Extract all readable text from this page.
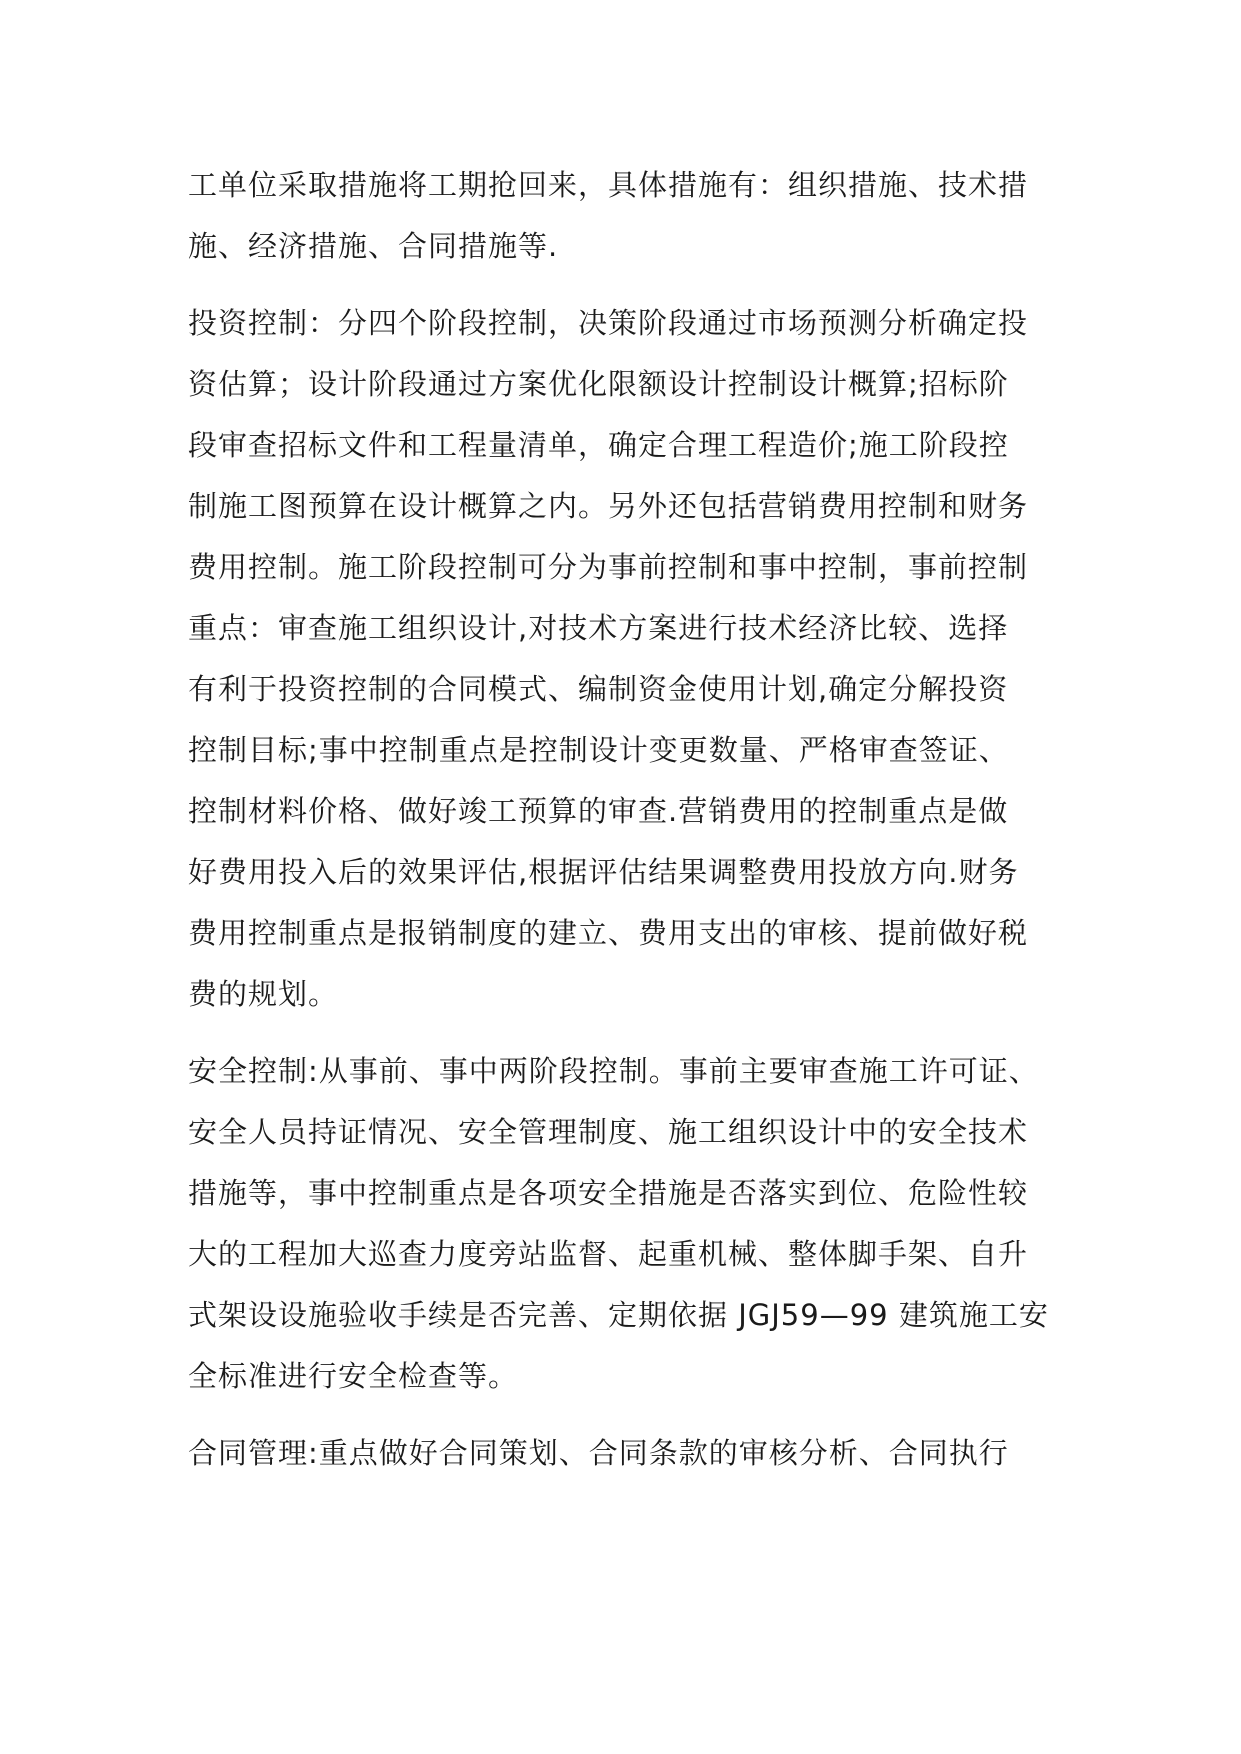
工单位采取措施将工期抢回来，具体措施有：组织措施、技术措
施、经济措施、合同措施等.
投资控制：分四个阶段控制，决策阶段通过市场预测分析确定投
资估算；设计阶段通过方案优化限额设计控制设计概算;招标阶
段审查招标文件和工程量清单，确定合理工程造价;施工阶段控
制施工图预算在设计概算之内。另外还包括营销费用控制和财务
费用控制。施工阶段控制可分为事前控制和事中控制，事前控制
重点：审查施工组织设计,对技术方案进行技术经济比较、选择
有利于投资控制的合同模式、编制资金使用计划,确定分解投资
控制目标;事中控制重点是控制设计变更数量、严格审查签证、
控制材料价格、做好竣工预算的审查.营销费用的控制重点是做
好费用投入后的效果评估,根据评估结果调整费用投放方向.财务
费用控制重点是报销制度的建立、费用支出的审核、提前做好税
费的规划。
安全控制:从事前、事中两阶段控制。事前主要审查施工许可证、
安全人员持证情况、安全管理制度、施工组织设计中的安全技术
措施等，事中控制重点是各项安全措施是否落实到位、危险性较
大的工程加大巡查力度旁站监督、起重机械、整体脚手架、自升
式架设设施验收手续是否完善、定期依据 JGJ59—99 建筑施工安
全标准进行安全检查等。
合同管理:重点做好合同策划、合同条款的审核分析、合同执行
